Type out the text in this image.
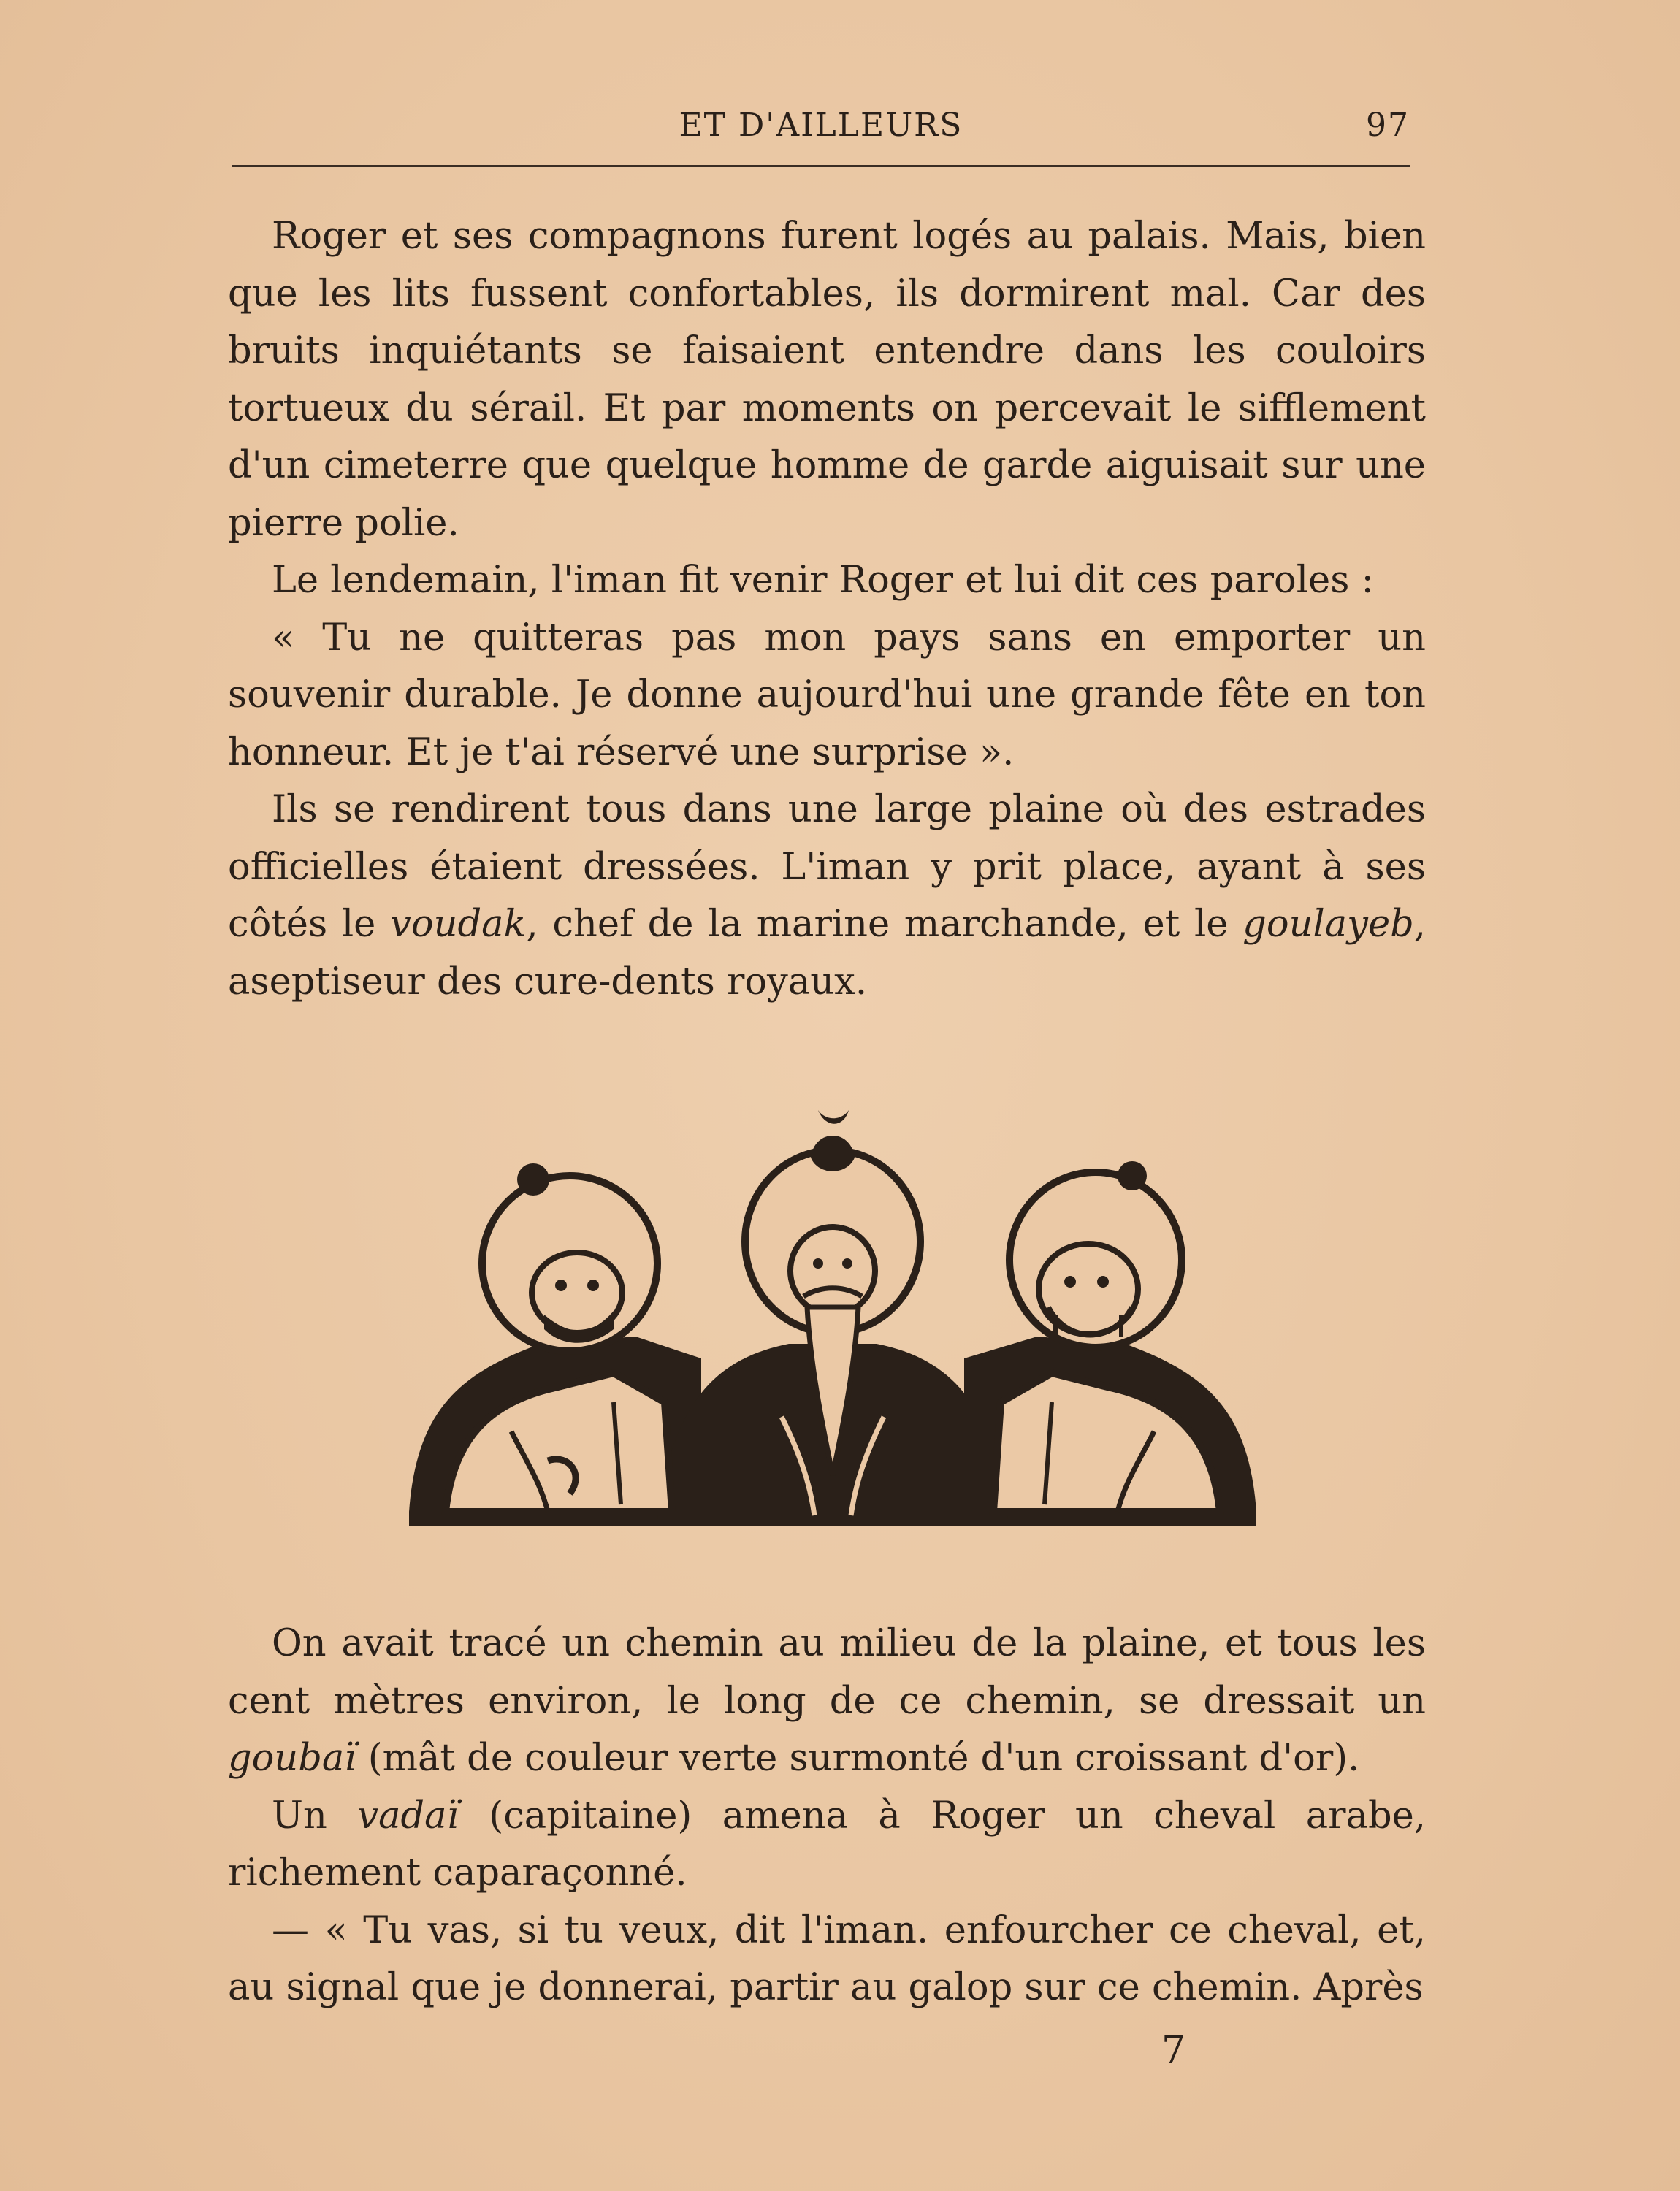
ET D'AILLEURS	97

Roger et ses compagnons furent logés au palais. Mais, bien que les lits fussent confortables, ils dormirent mal. Car des bruits inquiétants se faisaient entendre dans les couloirs tortueux du sérail. Et par moments on percevait le sifflement d'un cimeterre que quelque homme de garde aiguisait sur une pierre polie.

Le lendemain, l'iman fit venir Roger et lui dit ces paroles :

« Tu ne quitteras pas mon pays sans en emporter un souvenir durable. Je donne aujourd'hui une grande fête en ton honneur. Et je t'ai réservé une surprise ».

Ils se rendirent tous dans une large plaine où des estrades officielles étaient dressées. L'iman y prit place, ayant à ses côtés le voudak, chef de la marine marchande, et le goulayeb, aseptiseur des cure-dents royaux.

On avait tracé un chemin au milieu de la plaine, et tous les cent mètres environ, le long de ce chemin, se dressait un goubaï (mât de couleur verte surmonté d'un croissant d'or).

Un vadaï (capitaine) amena à Roger un cheval arabe, richement caparaçonné.

— « Tu vas, si tu veux, dit l'iman. enfourcher ce cheval, et, au signal que je donnerai, partir au galop sur ce chemin. Après

7
